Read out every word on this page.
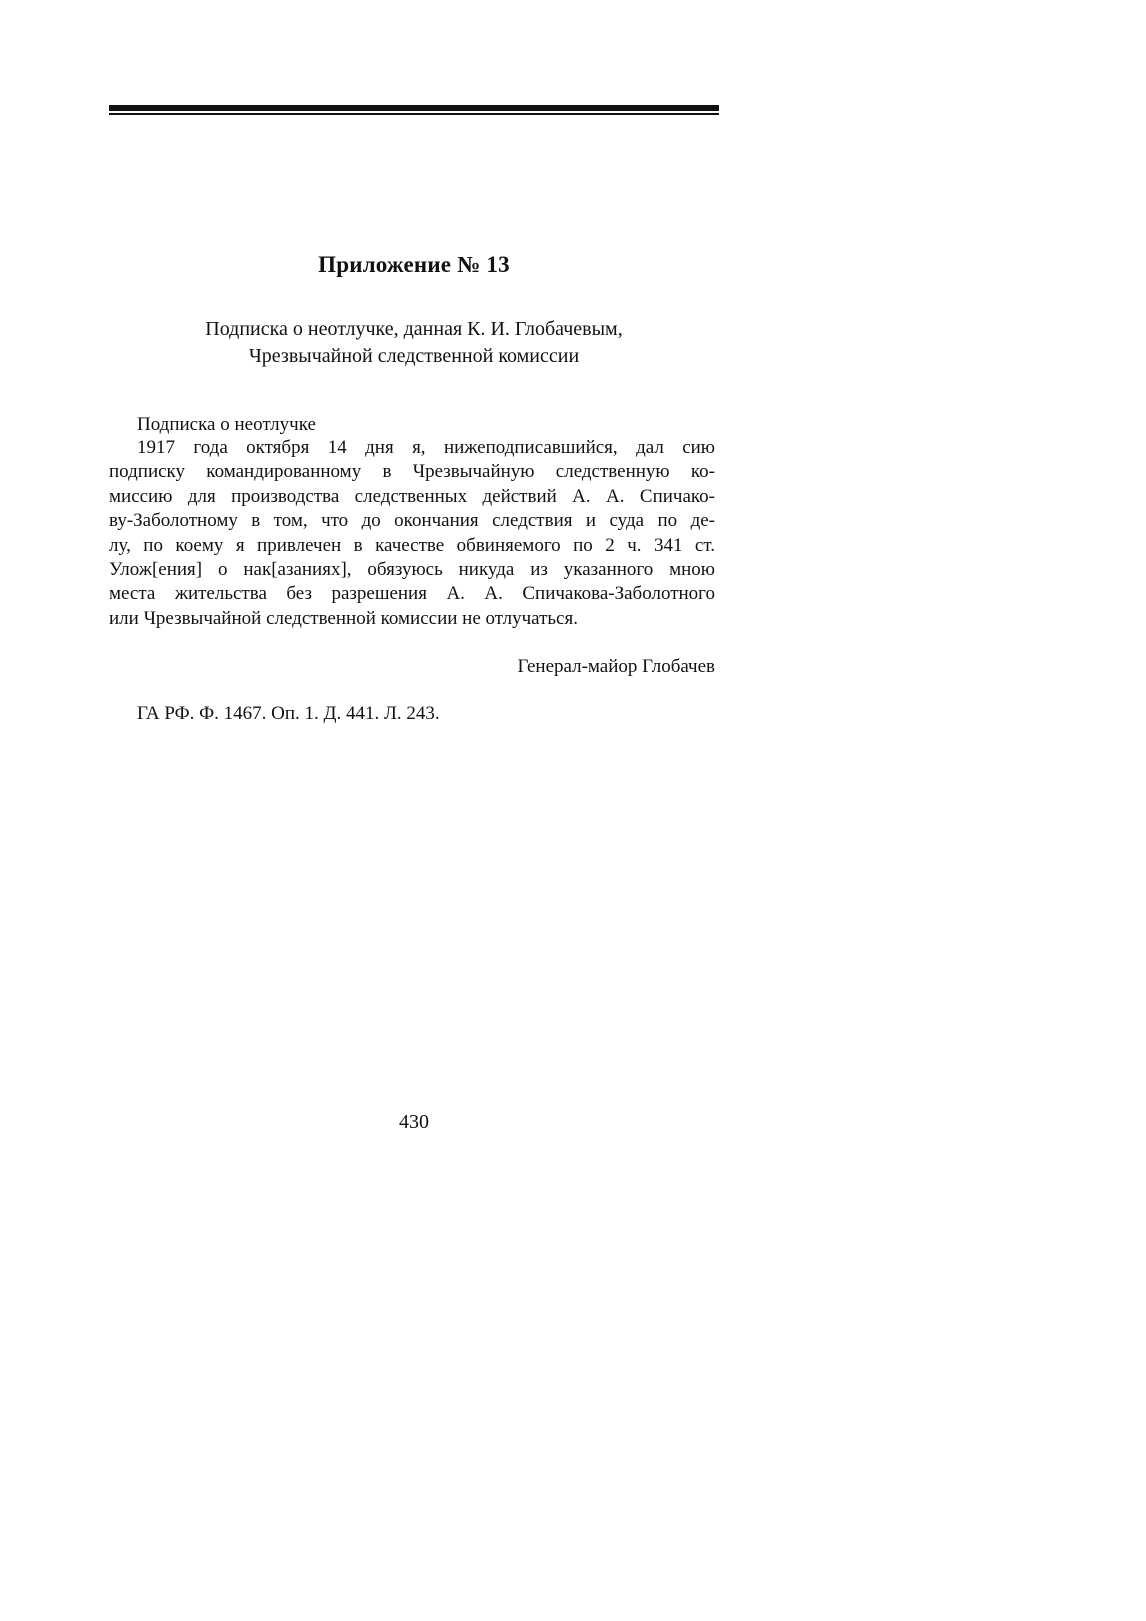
Приложение № 13
Подписка о неотлучке, данная К. И. Глобачевым,
Чрезвычайной следственной комиссии
Подписка о неотлучке
1917 года октября 14 дня я, нижеподписавшийся, дал сию
подписку командированному в Чрезвычайную следственную ко-
миссию для производства следственных действий А. А. Спичако-
ву-Заболотному в том, что до окончания следствия и суда по де-
лу, по коему я привлечен в качестве обвиняемого по 2 ч. 341 ст.
Улож[ения] о нак[азаниях], обязуюсь никуда из указанного мною
места жительства без разрешения А. А. Спичакова-Заболотного
или Чрезвычайной следственной комиссии не отлучаться.
Генерал-майор Глобачев
ГА РФ. Ф. 1467. Оп. 1. Д. 441. Л. 243.
430
